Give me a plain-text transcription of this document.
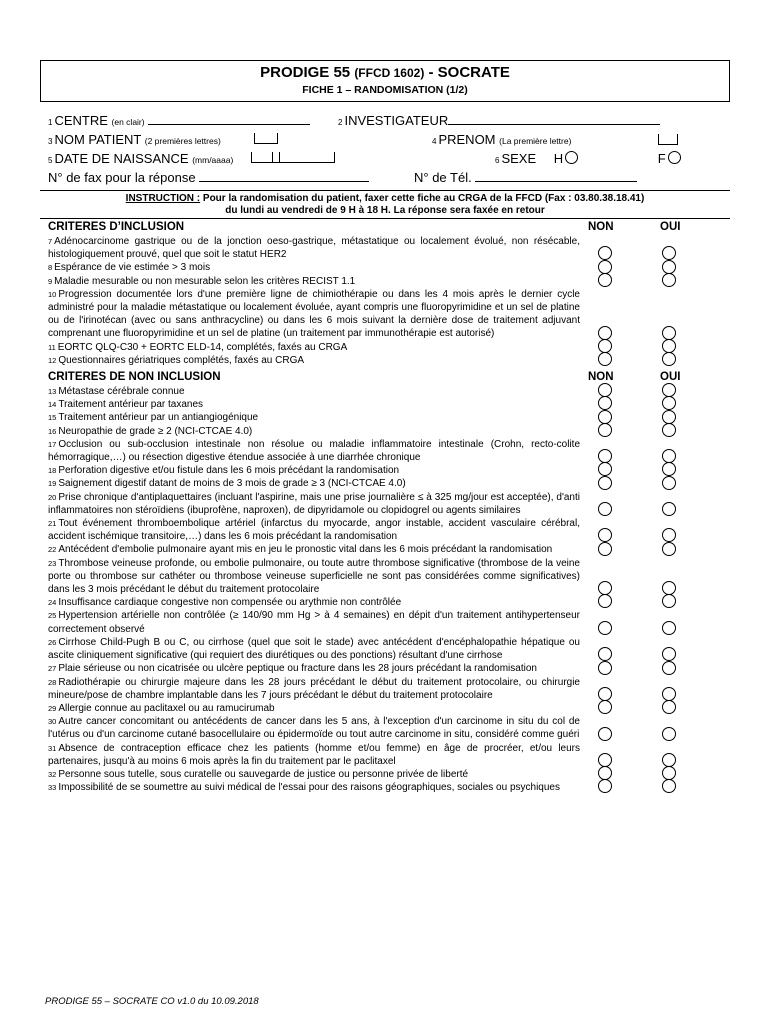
PRODIGE 55 (FFCD 1602) - SOCRATE
FICHE 1 – RANDOMISATION (1/2)
1 CENTRE (en clair)	2 INVESTIGATEUR
3 NOM PATIENT (2 premières lettres)	4 PRENOM (La première lettre)
5 DATE DE NAISSANCE (mm/aaaa)	6 SEXE H	F
N° de fax pour la réponse	N° de Tél.
INSTRUCTION : Pour la randomisation du patient, faxer cette fiche au CRGA de la FFCD (Fax : 03.80.38.18.41)
du lundi au vendredi de 9 H à 18 H. La réponse sera faxée en retour
CRITERES D’INCLUSION	NON	OUI
7 Adénocarcinome gastrique ou de la jonction oeso-gastrique, métastatique ou localement évolué, non résécable, histologiquement prouvé, quel que soit le statut HER2
8 Espérance de vie estimée > 3 mois
9 Maladie mesurable ou non mesurable selon les critères RECIST 1.1
10 Progression documentée lors d'une première ligne de chimiothérapie ou dans les 4 mois après le dernier cycle administré pour la maladie métastatique ou localement évoluée, ayant compris une fluoropyrimidine et un sel de platine ou de l'irinotécan (avec ou sans anthracycline) ou dans les 6 mois suivant la dernière dose de traitement adjuvant comprenant une fluoropyrimidine et un sel de platine (un traitement par immunothérapie est autorisé)
11 EORTC QLQ-C30 + EORTC ELD-14, complétés, faxés au CRGA
12 Questionnaires gériatriques complétés, faxés au CRGA
CRITERES DE NON INCLUSION	NON	OUI
13 Métastase cérébrale connue
14 Traitement antérieur par taxanes
15 Traitement antérieur par un antiangiogénique
16 Neuropathie de grade ≥ 2 (NCI-CTCAE 4.0)
17 Occlusion ou sub-occlusion intestinale non résolue ou maladie inflammatoire intestinale (Crohn, recto-colite hémorragique,…) ou résection digestive étendue associée à une diarrhée chronique
18 Perforation digestive et/ou fistule dans les 6 mois précédant la randomisation
19 Saignement digestif datant de moins de 3 mois de grade ≥ 3 (NCI-CTCAE 4.0)
20 Prise chronique d'antiplaquettaires (incluant l'aspirine, mais une prise journalière ≤ à 325 mg/jour est acceptée), d'anti inflammatoires non stéroïdiens (ibuprofène, naproxen), de dipyridamole ou clopidogrel ou agents similaires
21 Tout événement thromboembolique artériel (infarctus du myocarde, angor instable, accident vasculaire cérébral, accident ischémique transitoire,…) dans les 6 mois précédant la randomisation
22 Antécédent d'embolie pulmonaire ayant mis en jeu le pronostic vital dans les 6 mois précédant la randomisation
23 Thrombose veineuse profonde, ou embolie pulmonaire, ou toute autre thrombose significative (thrombose de la veine porte ou thrombose sur cathéter ou thrombose veineuse superficielle ne sont pas considérées comme significatives) dans les 3 mois précédant le début du traitement protocolaire
24 Insuffisance cardiaque congestive non compensée ou arythmie non contrôlée
25 Hypertension artérielle non contrôlée (≥ 140/90 mm Hg > à 4 semaines) en dépit d'un traitement antihypertenseur correctement observé
26 Cirrhose Child-Pugh B ou C, ou cirrhose (quel que soit le stade) avec antécédent d'encéphalopathie hépatique ou ascite cliniquement significative (qui requiert des diurétiques ou des ponctions) résultant d'une cirrhose
27 Plaie sérieuse ou non cicatrisée ou ulcère peptique ou fracture dans les 28 jours précédant la randomisation
28 Radiothérapie ou chirurgie majeure dans les 28 jours précédant le début du traitement protocolaire, ou chirurgie mineure/pose de chambre implantable dans les 7 jours précédant le début du traitement protocolaire
29 Allergie connue au paclitaxel ou au ramucirumab
30 Autre cancer concomitant ou antécédents de cancer dans les 5 ans, à l'exception d'un carcinome in situ du col de l'utérus ou d'un carcinome cutané basocellulaire ou épidermoïde ou tout autre carcinome in situ, considéré comme guéri
31 Absence de contraception efficace chez les patients (homme et/ou femme) en âge de procréer, et/ou leurs partenaires, jusqu'à au moins 6 mois après la fin du traitement par le paclitaxel
32 Personne sous tutelle, sous curatelle ou sauvegarde de justice ou personne privée de liberté
33 Impossibilité de se soumettre au suivi médical de l'essai pour des raisons géographiques, sociales ou psychiques
PRODIGE 55 – SOCRATE CO v1.0 du 10.09.2018
